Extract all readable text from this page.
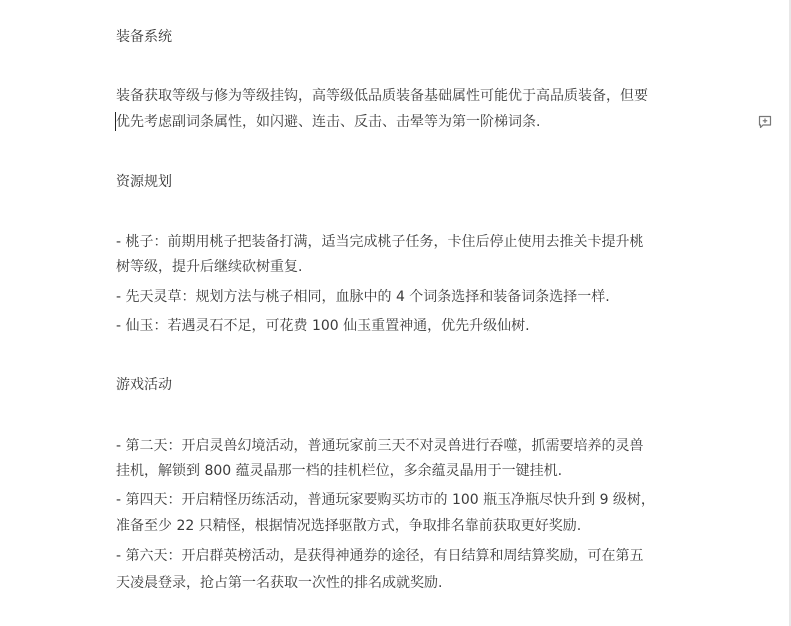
装备系统
装备获取等级与修为等级挂钩，高等级低品质装备基础属性可能优于高品质装备，但要
优先考虑副词条属性，如闪避、连击、反击、击晕等为第一阶梯词条.
资源规划
- 桃子：前期用桃子把装备打满，适当完成桃子任务，卡住后停止使用去推关卡提升桃
树等级，提升后继续砍树重复.
- 先天灵草：规划方法与桃子相同，血脉中的 4 个词条选择和装备词条选择一样.
- 仙玉：若遇灵石不足，可花费 100 仙玉重置神通，优先升级仙树.
游戏活动
- 第二天：开启灵兽幻境活动，普通玩家前三天不对灵兽进行吞噬，抓需要培养的灵兽
挂机，解锁到 800 蕴灵晶那一档的挂机栏位，多余蕴灵晶用于一键挂机.
- 第四天：开启精怪历练活动，普通玩家要购买坊市的 100 瓶玉净瓶尽快升到 9 级树，
准备至少 22 只精怪，根据情况选择驱散方式，争取排名靠前获取更好奖励.
- 第六天：开启群英榜活动，是获得神通券的途径，有日结算和周结算奖励，可在第五
天凌晨登录，抢占第一名获取一次性的排名成就奖励.
